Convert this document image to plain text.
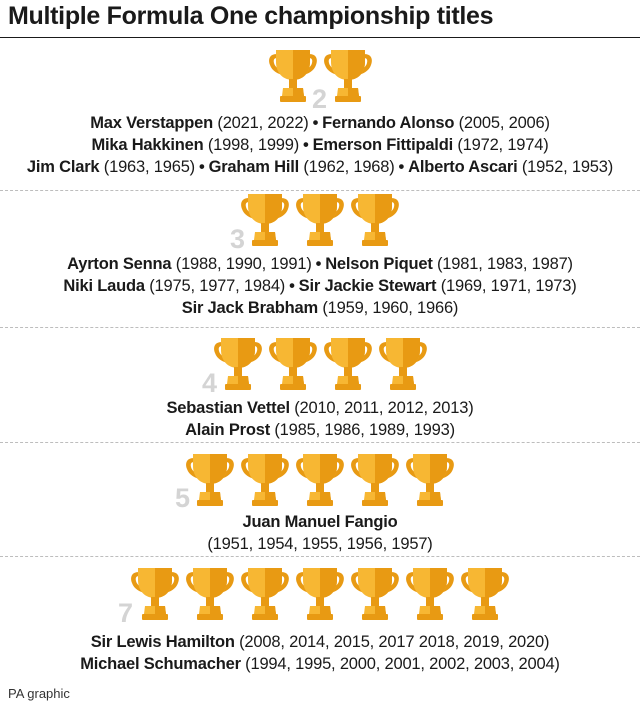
Multiple Formula One championship titles
2
Max Verstappen (2021, 2022) • Fernando Alonso (2005, 2006)
Mika Hakkinen (1998, 1999) • Emerson Fittipaldi (1972, 1974)
Jim Clark (1963, 1965) • Graham Hill (1962, 1968) • Alberto Ascari (1952, 1953)
3
Ayrton Senna (1988, 1990, 1991) • Nelson Piquet (1981, 1983, 1987)
Niki Lauda (1975, 1977, 1984) • Sir Jackie Stewart (1969, 1971, 1973)
Sir Jack Brabham (1959, 1960, 1966)
4
Sebastian Vettel (2010, 2011, 2012, 2013)
Alain Prost (1985, 1986, 1989, 1993)
5
Juan Manuel Fangio
(1951, 1954, 1955, 1956, 1957)
7
Sir Lewis Hamilton (2008, 2014, 2015, 2017 2018, 2019, 2020)
Michael Schumacher (1994, 1995, 2000, 2001, 2002, 2003, 2004)
PA graphic
